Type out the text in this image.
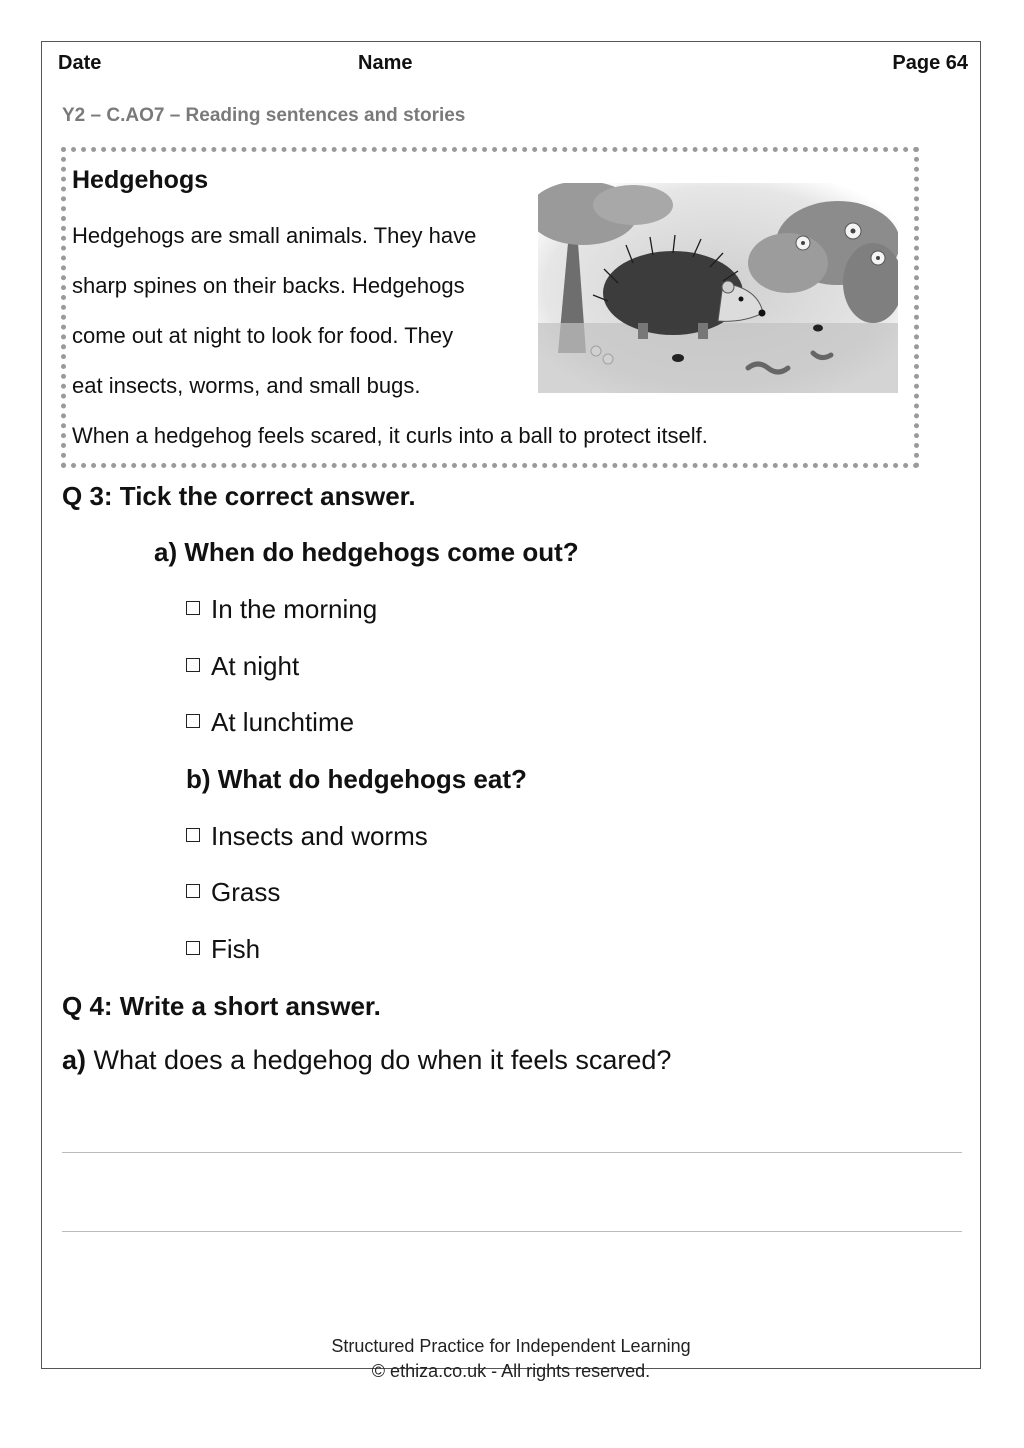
Date	Name	Page 64
Y2 – C.AO7 – Reading sentences and stories
Hedgehogs
Hedgehogs are small animals. They have
sharp spines on their backs. Hedgehogs
come out at night to look for food. They
eat insects, worms, and small bugs.
When a hedgehog feels scared, it curls into a ball to protect itself.
Q 3: Tick the correct answer.
a) When do hedgehogs come out?
In the morning
At night
At lunchtime
b) What do hedgehogs eat?
Insects and worms
Grass
Fish
Q 4: Write a short answer.
a) What does a hedgehog do when it feels scared?
Structured Practice for Independent Learning
© ethiza.co.uk - All rights reserved.
